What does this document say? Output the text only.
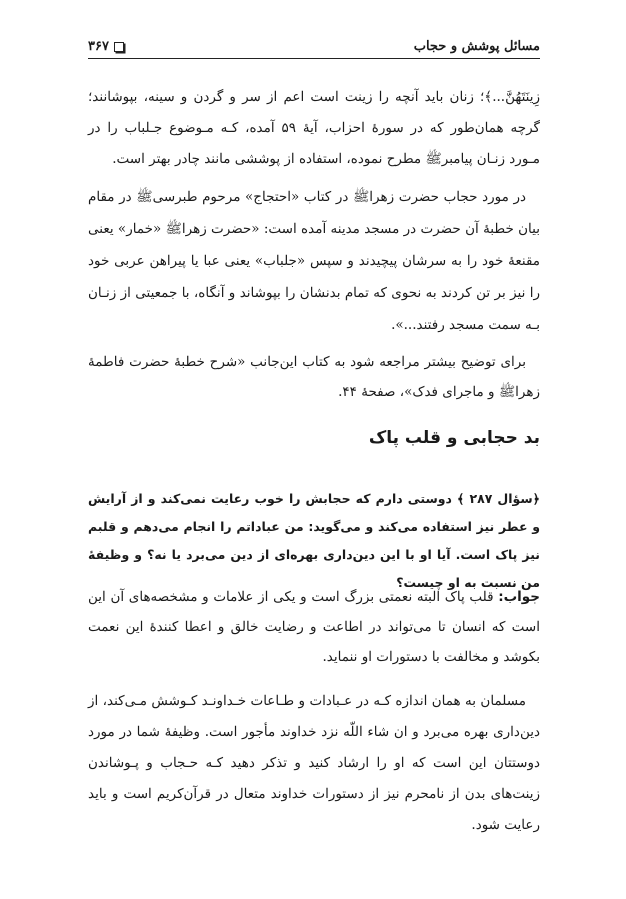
مسائل پوشش و حجاب
۳۶۷

زِینَتَهُنَّ...﴾؛ زنان باید آنچه را زینت است اعم از سر و گردن و سینه، بپوشانند؛ گرچه همان‌طور که در سورۀ احزاب، آیۀ ۵۹ آمده، کـه مـوضوع جـلباب را در مـورد زنـان پیامبرﷺ مطرح نموده، استفاده از پوششی مانند چادر بهتر است.

در مورد حجاب حضرت زهراﷺ در کتاب «احتجاج» مرحوم طبرسیﷺ در مقام بیان خطبۀ آن حضرت در مسجد مدینه آمده است: «حضرت زهراﷺ «خمار» یعنی مقنعۀ خود را به سرشان پیچیدند و سپس «جلباب» یعنی عبا یا پیراهن عربی خود را نیز بر تن کردند به نحوی که تمام بدنشان را بپوشاند و آنگاه، با جمعیتی از زنـان بـه سمت مسجد رفتند...».

برای توضیح بیشتر مراجعه شود به کتاب این‌جانب «شرح خطبۀ حضرت فاطمۀ زهراﷺ و ماجرای فدک»، صفحۀ ۴۴.

بد حجابی و قلب پاک

﴿سؤال ۲۸۷ ﴾ دوستی دارم که حجابش را خوب رعایت نمی‌کند و از آرایش و عطر نیز استفاده می‌کند و می‌گوید: من عباداتم را انجام می‌دهم و قلبم نیز پاک است. آیا او با این دین‌داری بهره‌ای از دین می‌برد یا نه؟ و وظیفۀ من نسبت به او چیست؟

جواب: قلب پاک البته نعمتی بزرگ است و یکی از علامات و مشخصه‌های آن این است که انسان تا می‌تواند در اطاعت و رضایت خالق و اعطا کنندۀ این نعمت بکوشد و مخالفت با دستورات او ننماید.

مسلمان به همان اندازه کـه در عـبادات و طـاعات خـداونـد کـوشش مـی‌کند، از دین‌داری بهره می‌برد و ان شاء اللّه نزد خداوند مأجور است. وظیفۀ شما در مورد دوستتان این است که او را ارشاد کنید و تذکر دهید کـه حـجاب و پـوشاندن زینت‌های بدن از نامحرم نیز از دستورات خداوند متعال در قرآن‌کریم است و باید رعایت شود.
